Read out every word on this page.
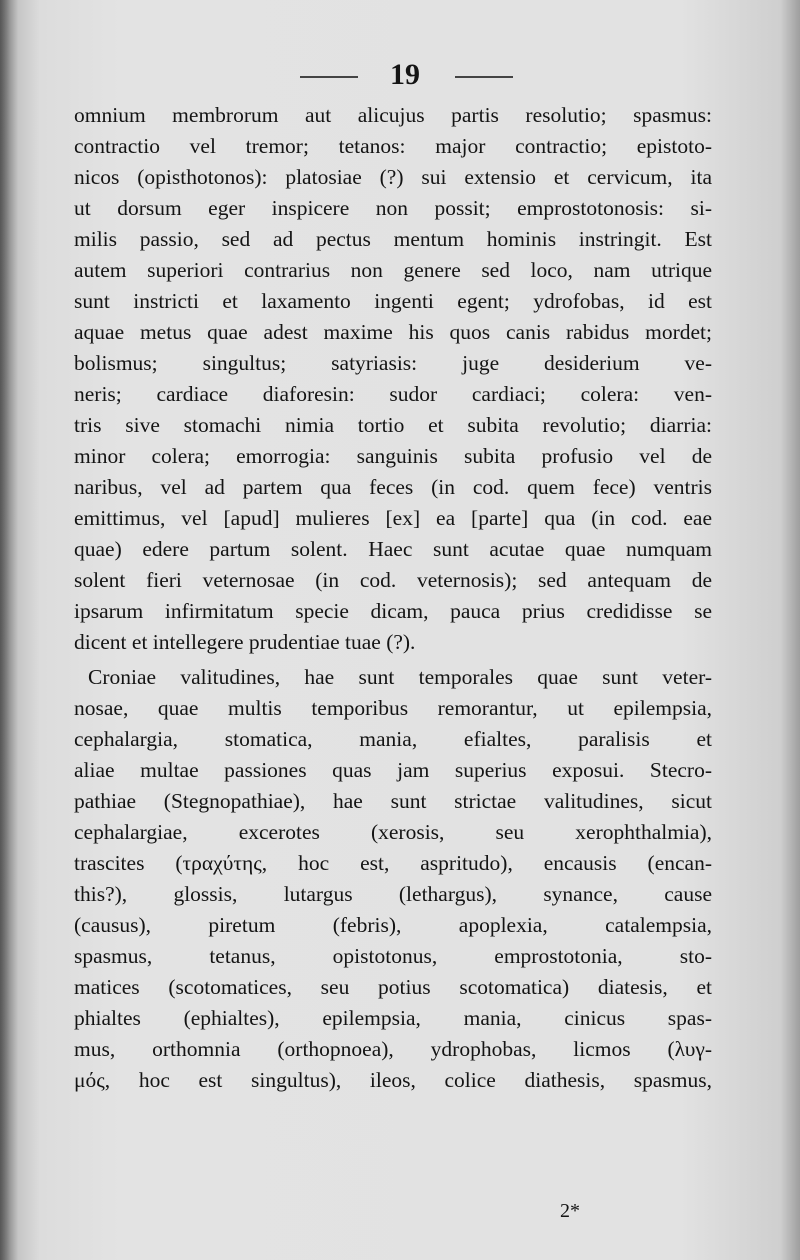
19
omnium membrorum aut alicujus partis resolutio; spasmus:
contractio vel tremor; tetanos: major contractio; epistoto-
nicos (opisthotonos): platosiae (?) sui extensio et cervicum, ita
ut dorsum eger inspicere non possit; emprostotonosis: si-
milis passio, sed ad pectus mentum hominis instringit. Est
autem superiori contrarius non genere sed loco, nam utrique
sunt instricti et laxamento ingenti egent; ydrofobas, id est
aquae metus quae adest maxime his quos canis rabidus mordet;
bolismus; singultus; satyriasis: juge desiderium ve-
neris; cardiace diaforesin: sudor cardiaci; colera: ven-
tris sive stomachi nimia tortio et subita revolutio; diarria:
minor colera; emorrogia: sanguinis subita profusio vel de
naribus, vel ad partem qua feces (in cod. quem fece) ventris
emittimus, vel [apud] mulieres [ex] ea [parte] qua (in cod. eae
quae) edere partum solent. Haec sunt acutae quae numquam
solent fieri veternosae (in cod. veternosis); sed antequam de
ipsarum infirmitatum specie dicam, pauca prius credidisse se
dicent et intellegere prudentiae tuae (?).
Croniae valitudines, hae sunt temporales quae sunt veter-
nosae, quae multis temporibus remorantur, ut epilempsia,
cephalargia, stomatica, mania, efialtes, paralisis et
aliae multae passiones quas jam superius exposui. Stecro-
pathiae (Stegnopathiae), hae sunt strictae valitudines, sicut
cephalargiae, excerotes (xerosis, seu xerophthalmia),
trascites (τραχύτης, hoc est, aspritudo), encausis (encan-
this?), glossis, lutargus (lethargus), synance, cause
(causus), piretum (febris), apoplexia, catalempsia,
spasmus, tetanus, opistotonus, emprostotonia, sto-
matices (scotomatices, seu potius scotomatica) diatesis, et
phialtes (ephialtes), epilempsia, mania, cinicus spas-
mus, orthomnia (orthopnoea), ydrophobas, licmos (λυγ-
μός, hoc est singultus), ileos, colice diathesis, spasmus,
2*
